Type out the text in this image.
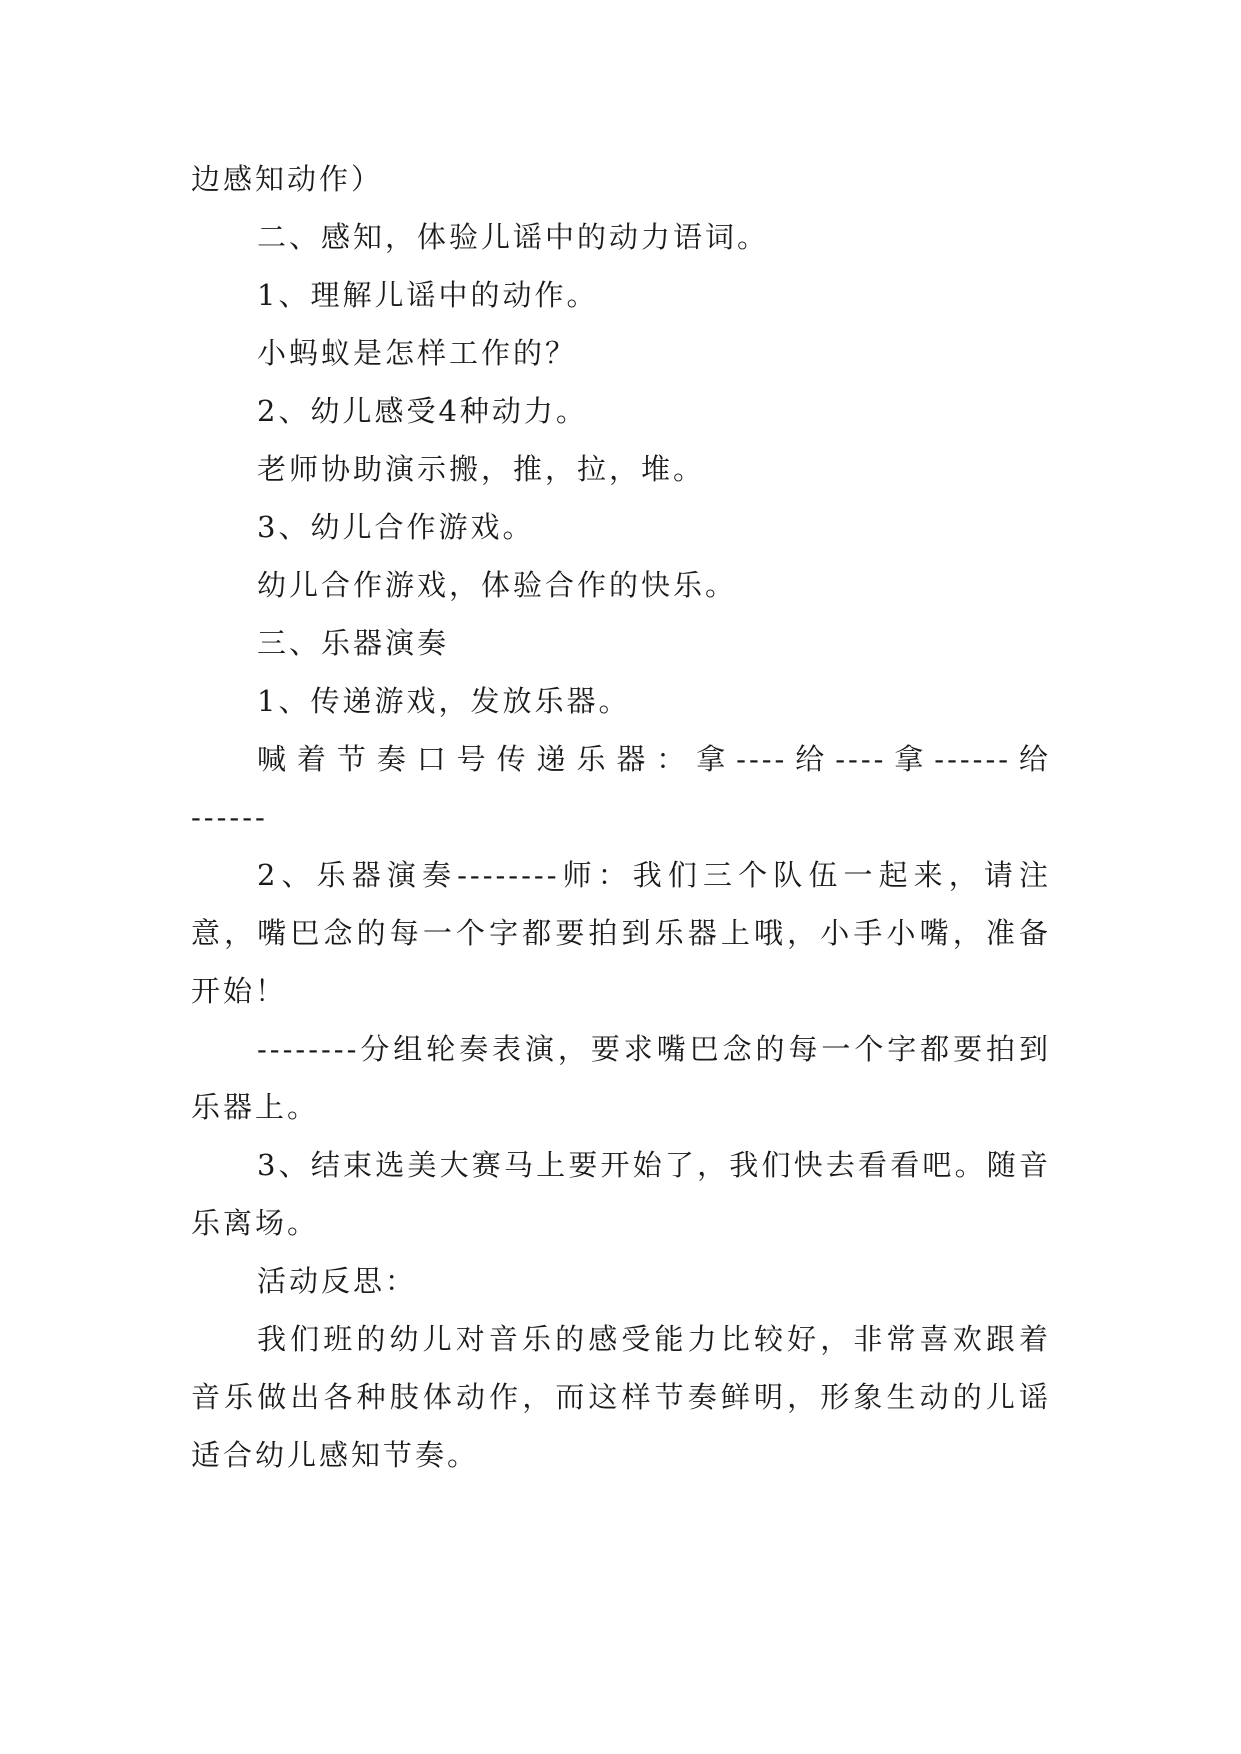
边感知动作）

二、感知，体验儿谣中的动力语词。

1、理解儿谣中的动作。

小蚂蚁是怎样工作的？

2、幼儿感受4种动力。

老师协助演示搬，推，拉，堆。

3、幼儿合作游戏。

幼儿合作游戏，体验合作的快乐。

三、乐器演奏

1、传递游戏，发放乐器。

喊着节奏口号传递乐器：拿----给----拿------给

------

2、乐器演奏--------师：我们三个队伍一起来，请注意，嘴巴念的每一个字都要拍到乐器上哦，小手小嘴，准备开始！

--------分组轮奏表演，要求嘴巴念的每一个字都要拍到乐器上。

3、结束选美大赛马上要开始了，我们快去看看吧。随音乐离场。

活动反思：

我们班的幼儿对音乐的感受能力比较好，非常喜欢跟着音乐做出各种肢体动作，而这样节奏鲜明，形象生动的儿谣适合幼儿感知节奏。
